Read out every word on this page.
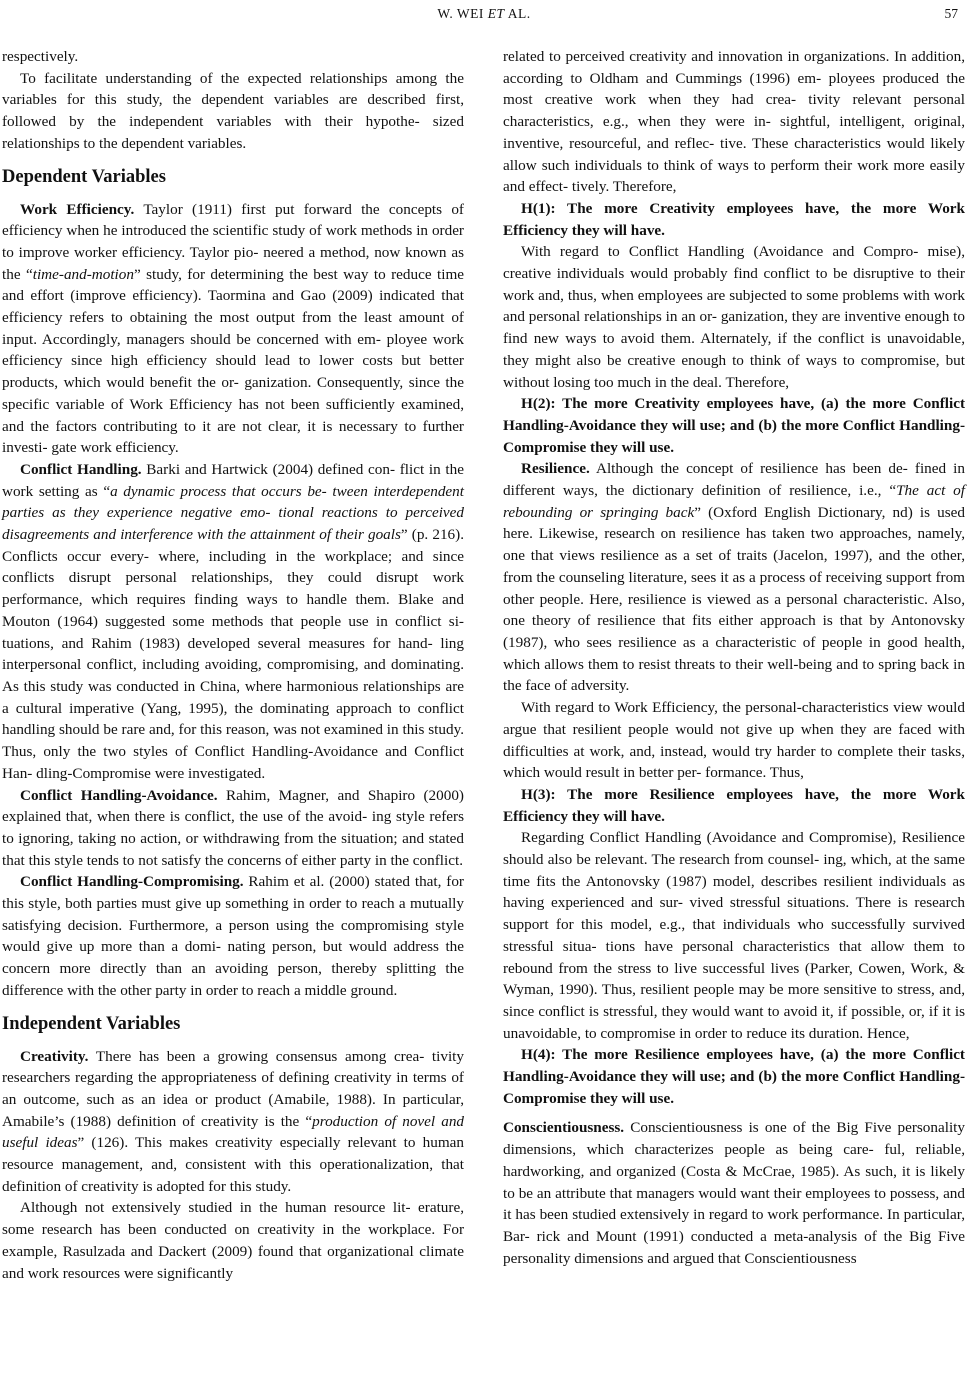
W. WEI ET AL.	57

respectively.

To facilitate understanding of the expected relationships among the variables for this study, the dependent variables are described first, followed by the independent variables with their hypothe- sized relationships to the dependent variables.

Dependent Variables

Work Efficiency. Taylor (1911) first put forward the concepts of efficiency when he introduced the scientific study of work methods in order to improve worker efficiency. Taylor pio- neered a method, now known as the “time-and-motion” study, for determining the best way to reduce time and effort (improve efficiency). Taormina and Gao (2009) indicated that efficiency refers to obtaining the most output from the least amount of input. Accordingly, managers should be concerned with em- ployee work efficiency since high efficiency should lead to lower costs but better products, which would benefit the or- ganization. Consequently, since the specific variable of Work Efficiency has not been sufficiently examined, and the factors contributing to it are not clear, it is necessary to further investi- gate work efficiency.

Conflict Handling. Barki and Hartwick (2004) defined con- flict in the work setting as “a dynamic process that occurs be- tween interdependent parties as they experience negative emo- tional reactions to perceived disagreements and interference with the attainment of their goals” (p. 216). Conflicts occur every- where, including in the workplace; and since conflicts disrupt personal relationships, they could disrupt work performance, which requires finding ways to handle them. Blake and Mouton (1964) suggested some methods that people use in conflict si- tuations, and Rahim (1983) developed several measures for hand- ling interpersonal conflict, including avoiding, compromising, and dominating. As this study was conducted in China, where harmonious relationships are a cultural imperative (Yang, 1995), the dominating approach to conflict handling should be rare and, for this reason, was not examined in this study. Thus, only the two styles of Conflict Handling-Avoidance and Conflict Han- dling-Compromise were investigated.

Conflict Handling-Avoidance. Rahim, Magner, and Shapiro (2000) explained that, when there is conflict, the use of the avoid- ing style refers to ignoring, taking no action, or withdrawing from the situation; and stated that this style tends to not satisfy the concerns of either party in the conflict.

Conflict Handling-Compromising. Rahim et al. (2000) stated that, for this style, both parties must give up something in order to reach a mutually satisfying decision. Furthermore, a person using the compromising style would give up more than a domi- nating person, but would address the concern more directly than an avoiding person, thereby splitting the difference with the other party in order to reach a middle ground.

Independent Variables

Creativity. There has been a growing consensus among crea- tivity researchers regarding the appropriateness of defining creativity in terms of an outcome, such as an idea or product (Amabile, 1988). In particular, Amabile’s (1988) definition of creativity is the “production of novel and useful ideas” (126). This makes creativity especially relevant to human resource management, and, consistent with this operationalization, that definition of creativity is adopted for this study.

Although not extensively studied in the human resource lit- erature, some research has been conducted on creativity in the workplace. For example, Rasulzada and Dackert (2009) found that organizational climate and work resources were significantly

related to perceived creativity and innovation in organizations. In addition, according to Oldham and Cummings (1996) em- ployees produced the most creative work when they had crea- tivity relevant personal characteristics, e.g., when they were in- sightful, intelligent, original, inventive, resourceful, and reflec- tive. These characteristics would likely allow such individuals to think of ways to perform their work more easily and effect- tively. Therefore,

H(1): The more Creativity employees have, the more Work Efficiency they will have.

With regard to Conflict Handling (Avoidance and Compro- mise), creative individuals would probably find conflict to be disruptive to their work and, thus, when employees are subjected to some problems with work and personal relationships in an or- ganization, they are inventive enough to find new ways to avoid them. Alternately, if the conflict is unavoidable, they might also be creative enough to think of ways to compromise, but without losing too much in the deal. Therefore,

H(2): The more Creativity employees have, (a) the more Conflict Handling-Avoidance they will use; and (b) the more Conflict Handling-Compromise they will use.

Resilience. Although the concept of resilience has been de- fined in different ways, the dictionary definition of resilience, i.e., “The act of rebounding or springing back” (Oxford English Dictionary, nd) is used here. Likewise, research on resilience has taken two approaches, namely, one that views resilience as a set of traits (Jacelon, 1997), and the other, from the counseling literature, sees it as a process of receiving support from other people. Here, resilience is viewed as a personal characteristic. Also, one theory of resilience that fits either approach is that by Antonovsky (1987), who sees resilience as a characteristic of people in good health, which allows them to resist threats to their well-being and to spring back in the face of adversity.

With regard to Work Efficiency, the personal-characteristics view would argue that resilient people would not give up when they are faced with difficulties at work, and, instead, would try harder to complete their tasks, which would result in better per- formance. Thus,

H(3): The more Resilience employees have, the more Work Efficiency they will have.

Regarding Conflict Handling (Avoidance and Compromise), Resilience should also be relevant. The research from counsel- ing, which, at the same time fits the Antonovsky (1987) model, describes resilient individuals as having experienced and sur- vived stressful situations. There is research support for this model, e.g., that individuals who successfully survived stressful situa- tions have personal characteristics that allow them to rebound from the stress to live successful lives (Parker, Cowen, Work, & Wyman, 1990). Thus, resilient people may be more sensitive to stress, and, since conflict is stressful, they would want to avoid it, if possible, or, if it is unavoidable, to compromise in order to reduce its duration. Hence,

H(4): The more Resilience employees have, (a) the more Conflict Handling-Avoidance they will use; and (b) the more Conflict Handling-Compromise they will use.

Conscientiousness. Conscientiousness is one of the Big Five personality dimensions, which characterizes people as being care- ful, reliable, hardworking, and organized (Costa & McCrae, 1985). As such, it is likely to be an attribute that managers would want their employees to possess, and it has been studied extensively in regard to work performance. In particular, Bar- rick and Mount (1991) conducted a meta-analysis of the Big Five personality dimensions and argued that Conscientiousness
